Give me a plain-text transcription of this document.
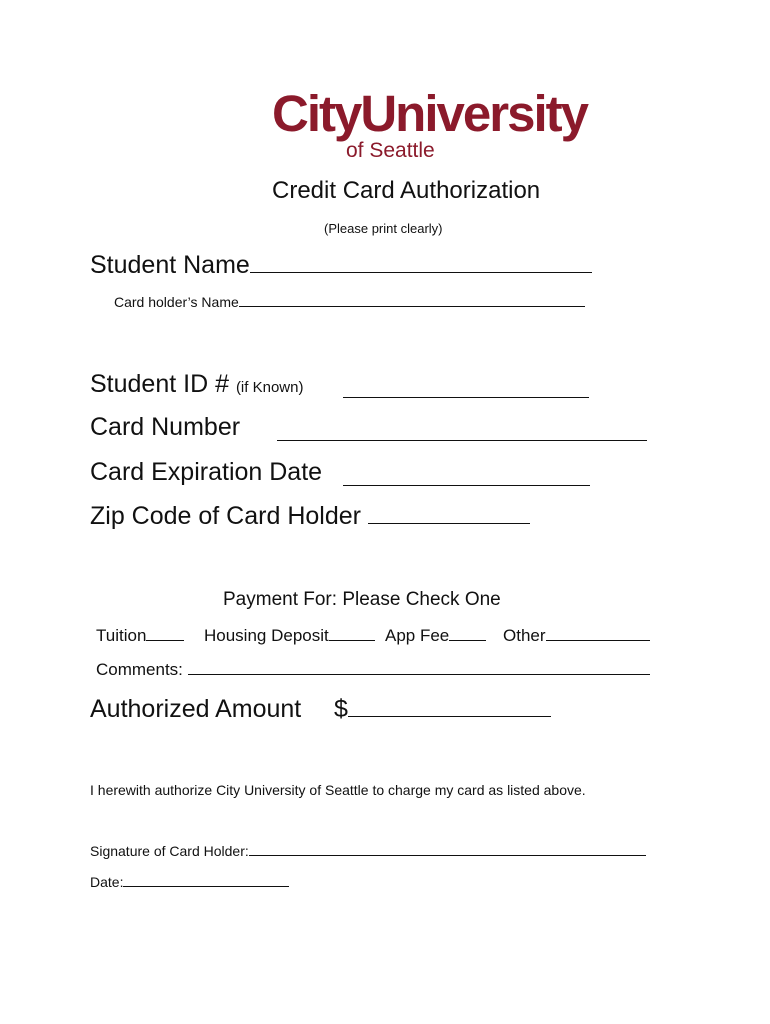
CityUniversity
of Seattle
Credit Card Authorization
(Please print clearly)
Student Name
Card holder’s Name
Student ID # (if Known)

Card Number

Card Expiration Date

Zip Code of Card Holder
Payment For: Please Check One
Tuition	Housing Deposit	App Fee	Other
Comments:
Authorized Amount $
I herewith authorize City University of Seattle to charge my card as listed above.
Signature of Card Holder:
Date:
